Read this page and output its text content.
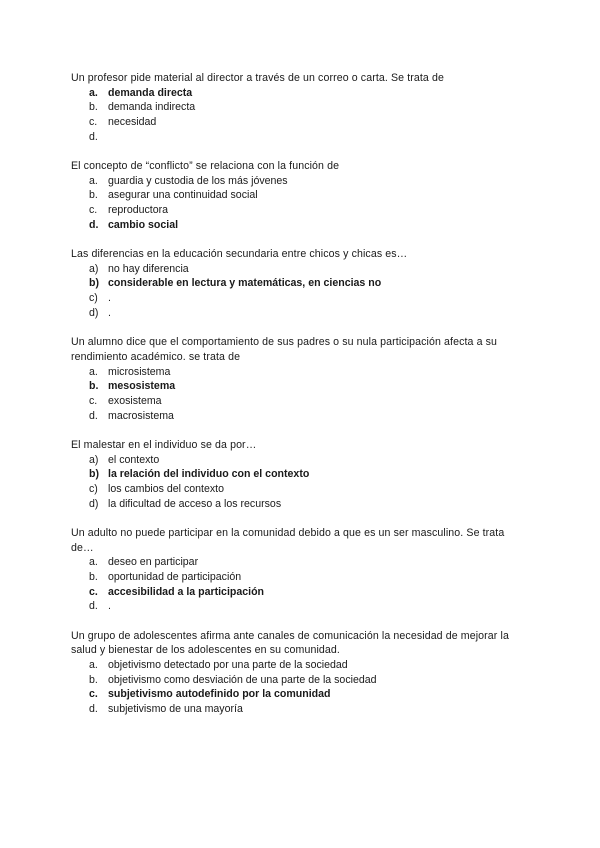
Un profesor pide material al director a través de un correo o carta. Se trata de

a. demanda directa
b. demanda indirecta
c.	necesidad
d.

El concepto de “conflicto” se relaciona con la función de

a. guardia y custodia de los más jóvenes
b. asegurar una continuidad social
c.	reproductora
d. cambio social

Las diferencias en la educación secundaria entre chicos y chicas es…

a) no hay diferencia
b) considerable en lectura y matemáticas, en ciencias no
c) .
d) .

Un alumno dice que el comportamiento de sus padres o su nula participación afecta a su rendimiento académico. se trata de

a. microsistema
b. mesosistema
c.	exosistema
d. macrosistema

El malestar en el individuo se da por…

a) el contexto
b) la relación del individuo con el contexto
c) los cambios del contexto
d) la dificultad de acceso a los recursos

Un adulto no puede participar en la comunidad debido a que es un ser masculino. Se trata de…

a. deseo en participar
b. oportunidad de participación
c. accesibilidad a la participación
d. .

Un grupo de adolescentes afirma ante canales de comunicación la necesidad de mejorar la salud y bienestar de los adolescentes en su comunidad.

a. objetivismo detectado por una parte de la sociedad
b. objetivismo como desviación de una parte de la sociedad
c. subjetivismo autodefinido por la comunidad
d. subjetivismo de una mayoría
